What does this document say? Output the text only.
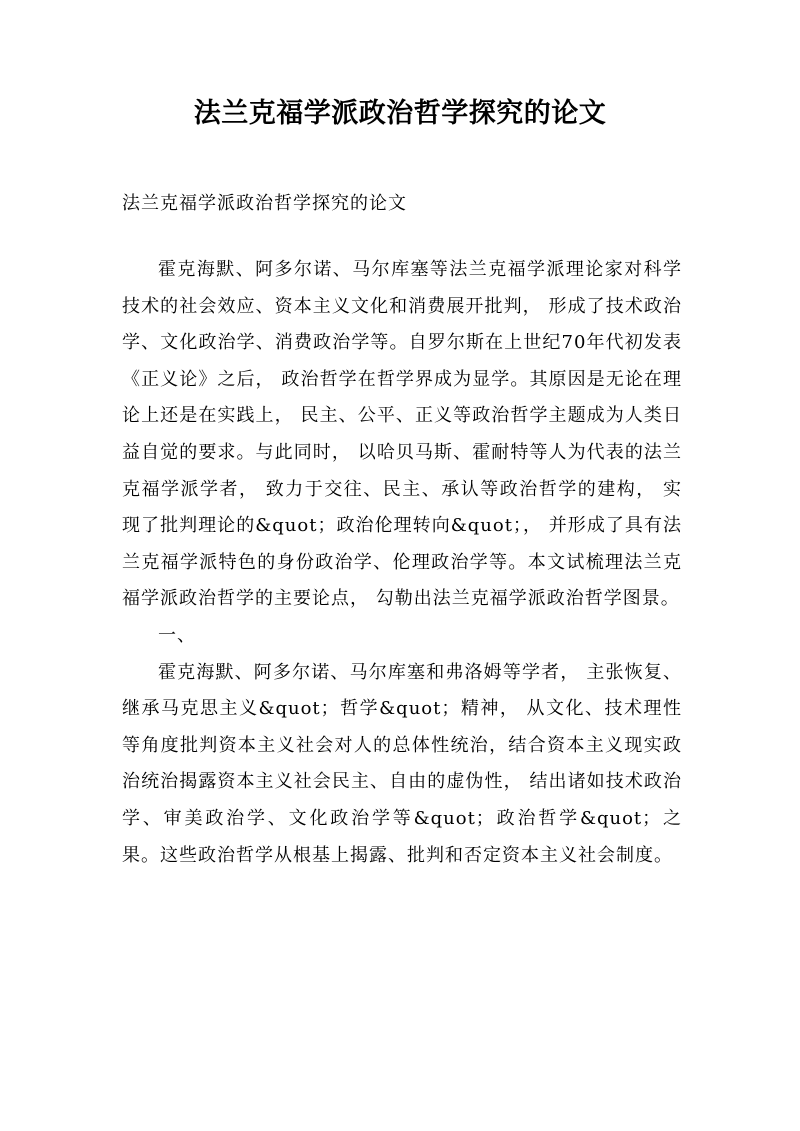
法兰克福学派政治哲学探究的论文
法兰克福学派政治哲学探究的论文

霍克海默、阿多尔诺、马尔库塞等法兰克福学派理论家对科学技术的社会效应、资本主义文化和消费展开批判， 形成了技术政治学、文化政治学、消费政治学等。自罗尔斯在上世纪70年代初发表《正义论》之后， 政治哲学在哲学界成为显学。其原因是无论在理论上还是在实践上， 民主、公平、正义等政治哲学主题成为人类日益自觉的要求。与此同时， 以哈贝马斯、霍耐特等人为代表的法兰克福学派学者， 致力于交往、民主、承认等政治哲学的建构， 实现了批判理论的&quot；政治伦理转向&quot；， 并形成了具有法兰克福学派特色的身份政治学、伦理政治学等。本文试梳理法兰克福学派政治哲学的主要论点， 勾勒出法兰克福学派政治哲学图景。

一、

霍克海默、阿多尔诺、马尔库塞和弗洛姆等学者， 主张恢复、继承马克思主义&quot；哲学&quot；精神， 从文化、技术理性等角度批判资本主义社会对人的总体性统治，结合资本主义现实政治统治揭露资本主义社会民主、自由的虚伪性， 结出诸如技术政治学、审美政治学、文化政治学等&quot；政治哲学&quot；之果。这些政治哲学从根基上揭露、批判和否定资本主义社会制度。
